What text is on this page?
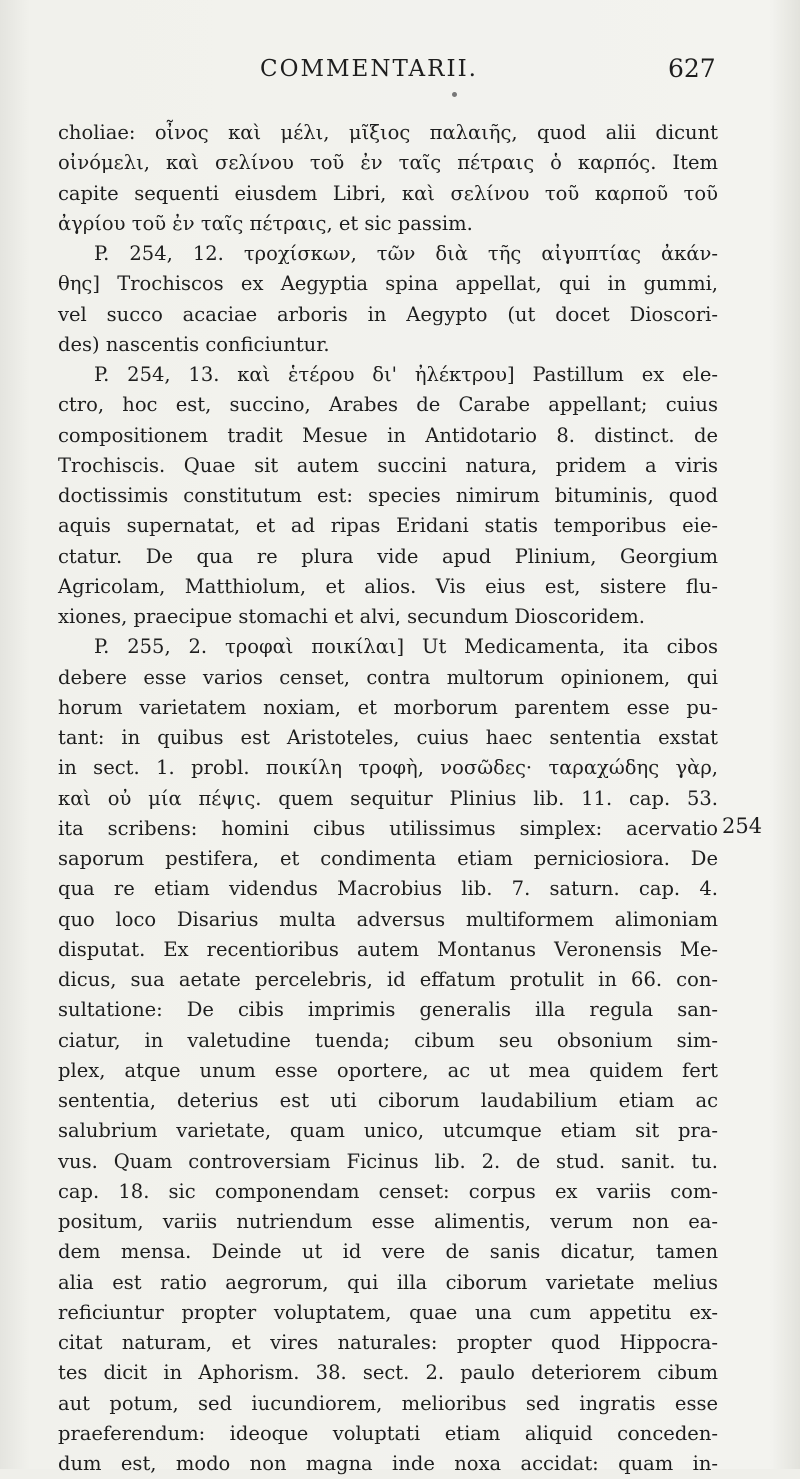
COMMENTARII.	627
choliae: οἶνος καὶ μέλι, μῖξιος παλαιῆς, quod alii dicunt
οἰνόμελι, καὶ σελίνου τοῦ ἐν ταῖς πέτραις ὁ καρπός. Item
capite sequenti eiusdem Libri, καὶ σελίνου τοῦ καρποῦ τοῦ
ἀγρίου τοῦ ἐν ταῖς πέτραις, et sic passim.
P. 254, 12. τροχίσκων, τῶν διὰ τῆς αἰγυπτίας ἀκάν-
θης] Trochiscos ex Aegyptia spina appellat, qui in gummi,
vel succo acaciae arboris in Aegypto (ut docet Dioscori-
des) nascentis conficiuntur.
P. 254, 13. καὶ ἑτέρου δι' ἠλέκτρου] Pastillum ex ele-
ctro, hoc est, succino, Arabes de Carabe appellant; cuius
compositionem tradit Mesue in Antidotario 8. distinct. de
Trochiscis. Quae sit autem succini natura, pridem a viris
doctissimis constitutum est: species nimirum bituminis, quod
aquis supernatat, et ad ripas Eridani statis temporibus eie-
ctatur. De qua re plura vide apud Plinium, Georgium
Agricolam, Matthiolum, et alios. Vis eius est, sistere flu-
xiones, praecipue stomachi et alvi, secundum Dioscoridem.
P. 255, 2. τροφαὶ ποικίλαι] Ut Medicamenta, ita cibos
debere esse varios censet, contra multorum opinionem, qui
horum varietatem noxiam, et morborum parentem esse pu-
tant: in quibus est Aristoteles, cuius haec sententia exstat
in sect. 1. probl. ποικίλη τροφὴ, νοσῶδες· ταραχώδης γὰρ,
καὶ οὐ μία πέψις. quem sequitur Plinius lib. 11. cap. 53.
ita scribens: homini cibus utilissimus simplex: acervatio
saporum pestifera, et condimenta etiam perniciosiora. De
qua re etiam videndus Macrobius lib. 7. saturn. cap. 4.
quo loco Disarius multa adversus multiformem alimoniam
disputat. Ex recentioribus autem Montanus Veronensis Me-
dicus, sua aetate percelebris, id effatum protulit in 66. con-
sultatione: De cibis imprimis generalis illa regula san-
ciatur, in valetudine tuenda; cibum seu obsonium sim-
plex, atque unum esse oportere, ac ut mea quidem fert
sententia, deterius est uti ciborum laudabilium etiam ac
salubrium varietate, quam unico, utcumque etiam sit pra-
vus. Quam controversiam Ficinus lib. 2. de stud. sanit. tu.
cap. 18. sic componendam censet: corpus ex variis com-
positum, variis nutriendum esse alimentis, verum non ea-
dem mensa. Deinde ut id vere de sanis dicatur, tamen
alia est ratio aegrorum, qui illa ciborum varietate melius
reficiuntur propter voluptatem, quae una cum appetitu ex-
citat naturam, et vires naturales: propter quod Hippocra-
tes dicit in Aphorism. 38. sect. 2. paulo deteriorem cibum
aut potum, sed iucundiorem, melioribus sed ingratis esse
praeferendum: ideoque voluptati etiam aliquid conceden-
dum est, modo non magna inde noxa accidat: quam in-
254
